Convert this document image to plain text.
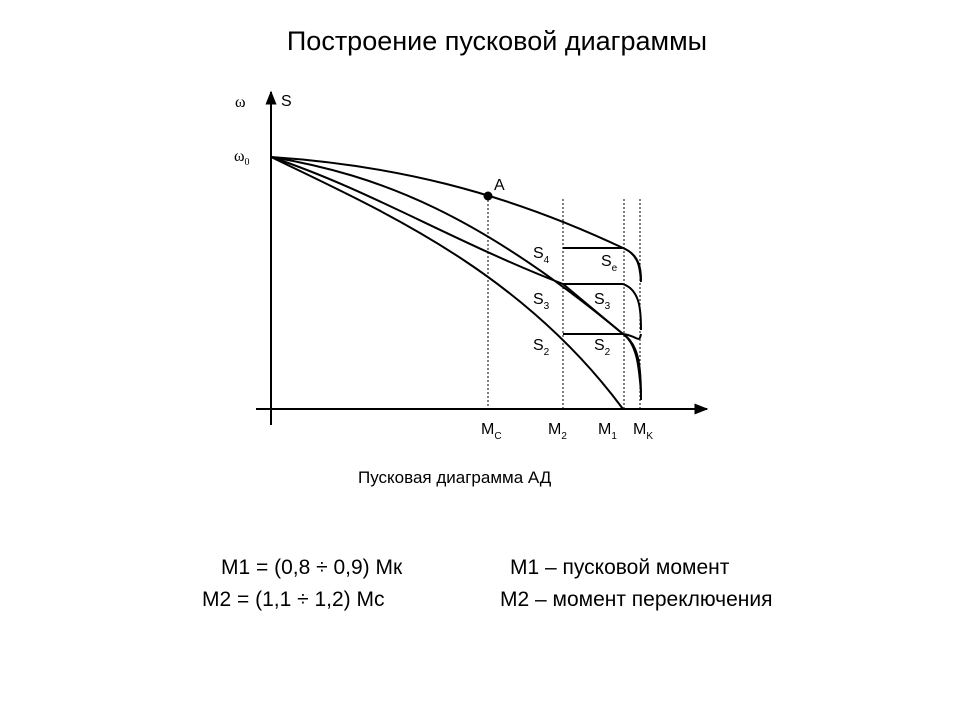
Построение пусковой диаграммы
A
ω S
$\omega_0$
$S_4$	$S_e$
$S_3$	$S_3$
$S_2$	$S_2$
$M_C$	$M_2$ $M_1$ $M_K$
Пусковая диаграмма АД
M1 = (0,8 ÷ 0,9) Mк
M2 = (1,1 ÷ 1,2) Mс
M1 – пусковой момент
M2 – момент переключения
